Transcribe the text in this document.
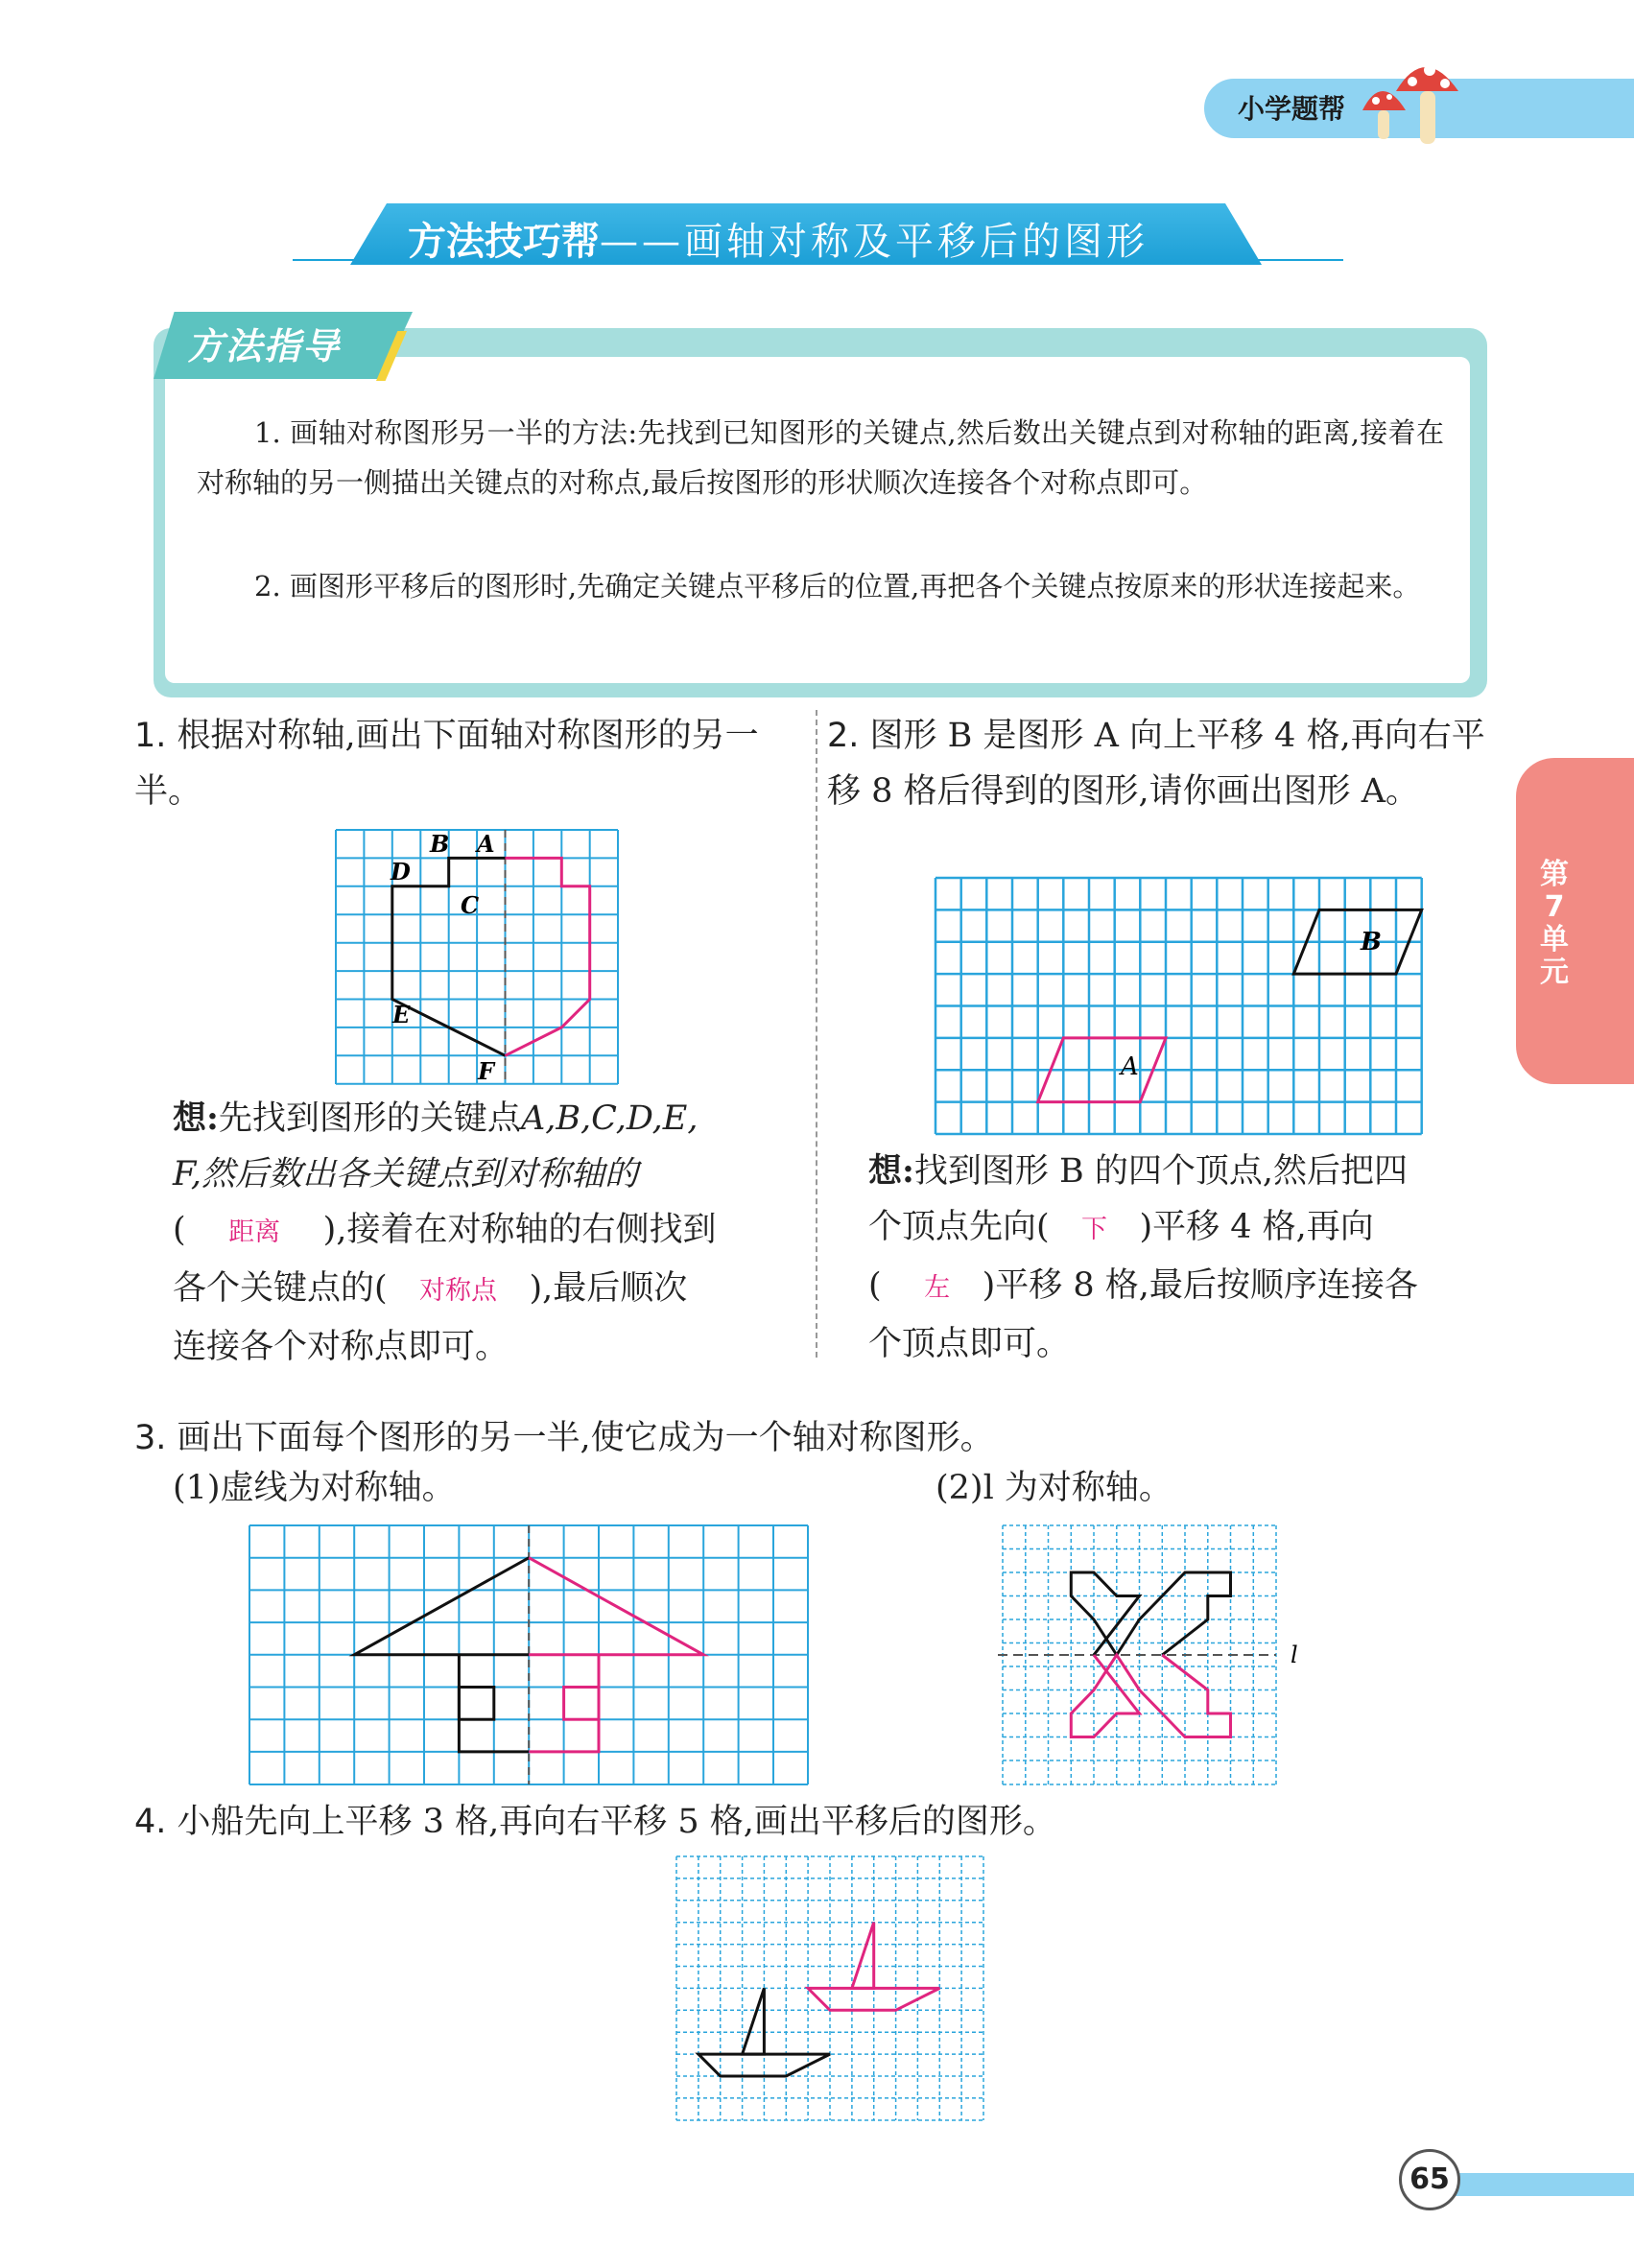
小学题帮
方法技巧帮——画轴对称及平移后的图形
方法指导
1. 画轴对称图形另一半的方法:先找到已知图形的关键点,然后数出关键点到对称轴的距离,接着在对称轴的另一侧描出关键点的对称点,最后按图形的形状顺次连接各个对称点即可。
2. 画图形平移后的图形时,先确定关键点平移后的位置,再把各个关键点按原来的形状连接起来。
1. 根据对称轴,画出下面轴对称图形的另一半。
B A
D
C
E
F
想:先找到图形的关键点A,B,C,D,E,
F,然后数出各关键点到对称轴的
(    距离    ),接着在对称轴的右侧找到
各个关键点的( 对称点 ),最后顺次
连接各个对称点即可。
2. 图形 B 是图形 A 向上平移 4 格,再向右平移 8 格后得到的图形,请你画出图形 A。
B
A
想:找到图形 B 的四个顶点,然后把四
个顶点先向( 下 )平移 4 格,再向
( 左 )平移 8 格,最后按顺序连接各
个顶点即可。
3. 画出下面每个图形的另一半,使它成为一个轴对称图形。
(1)虚线为对称轴。	(2)l 为对称轴。
l
4. 小船先向上平移 3 格,再向右平移 5 格,画出平移后的图形。
第
7
单
元
65
